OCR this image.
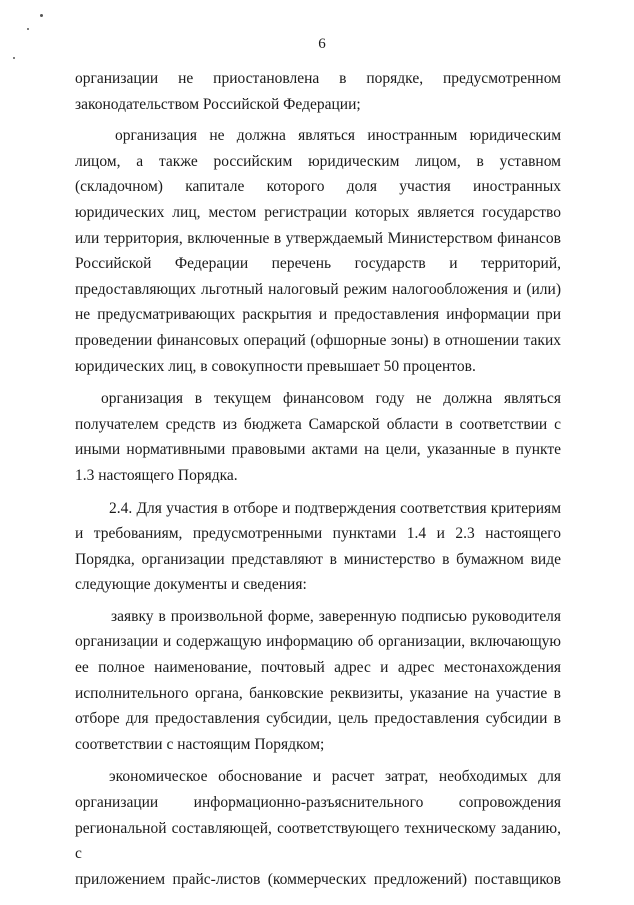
6

организации не приостановлена в порядке, предусмотренном
законодательством Российской Федерации;

организация не должна являться иностранным юридическим лицом, а также российским юридическим лицом, в уставном (складочном) капитале которого доля участия иностранных юридических лиц, местом регистрации которых является государство или территория, включенные в утверждаемый Министерством финансов Российской Федерации перечень государств и территорий, предоставляющих льготный налоговый режим налогообложения и (или) не предусматривающих раскрытия и предоставления информации при проведении финансовых операций (офшорные зоны) в отношении таких юридических лиц, в совокупности превышает 50 процентов.

организация в текущем финансовом году не должна являться получателем средств из бюджета Самарской области в соответствии с иными нормативными правовыми актами на цели, указанные в пункте 1.3 настоящего Порядка.

2.4. Для участия в отборе и подтверждения соответствия критериям и требованиям, предусмотренными пунктами 1.4 и 2.3 настоящего Порядка, организации представляют в министерство в бумажном виде следующие документы и сведения:

заявку в произвольной форме, заверенную подписью руководителя организации и содержащую информацию об организации, включающую ее полное наименование, почтовый адрес и адрес местонахождения исполнительного органа, банковские реквизиты, указание на участие в отборе для предоставления субсидии, цель предоставления субсидии в соответствии с настоящим Порядком;

экономическое обоснование и расчет затрат, необходимых для
организации информационно-разъяснительного сопровождения
региональной составляющей, соответствующего техническому заданию, с
приложением прайс-листов (коммерческих предложений) поставщиков
